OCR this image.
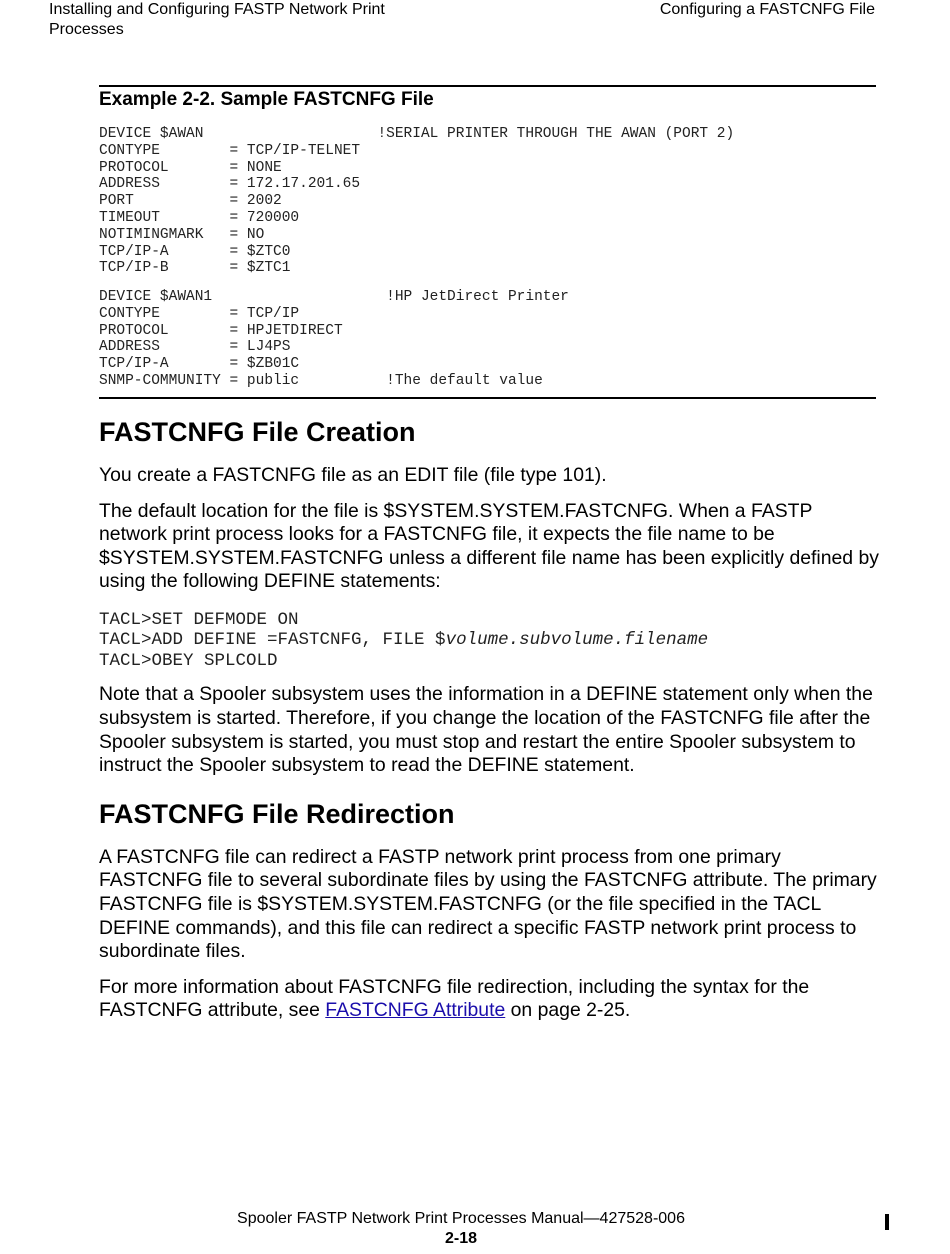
Installing and Configuring FASTP Network Print Processes
Configuring a FASTCNFG File
Example 2-2. Sample FASTCNFG File
DEVICE $AWAN                    !SERIAL PRINTER THROUGH THE AWAN (PORT 2)
CONTYPE        = TCP/IP-TELNET
PROTOCOL       = NONE
ADDRESS        = 172.17.201.65
PORT           = 2002
TIMEOUT        = 720000
NOTIMINGMARK   = NO
TCP/IP-A       = $ZTC0
TCP/IP-B       = $ZTC1
DEVICE $AWAN1                    !HP JetDirect Printer
CONTYPE        = TCP/IP
PROTOCOL       = HPJETDIRECT
ADDRESS        = LJ4PS
TCP/IP-A       = $ZB01C
SNMP-COMMUNITY = public          !The default value
FASTCNFG File Creation

You create a FASTCNFG file as an EDIT file (file type 101).

The default location for the file is $SYSTEM.SYSTEM.FASTCNFG. When a FASTP network print process looks for a FASTCNFG file, it expects the file name to be $SYSTEM.SYSTEM.FASTCNFG unless a different file name has been explicitly defined by using the following DEFINE statements:

TACL>SET DEFMODE ON
TACL>ADD DEFINE =FASTCNFG, FILE $volume.subvolume.filename
TACL>OBEY SPLCOLD

Note that a Spooler subsystem uses the information in a DEFINE statement only when the subsystem is started. Therefore, if you change the location of the FASTCNFG file after the Spooler subsystem is started, you must stop and restart the entire Spooler subsystem to instruct the Spooler subsystem to read the DEFINE statement.

FASTCNFG File Redirection

A FASTCNFG file can redirect a FASTP network print process from one primary FASTCNFG file to several subordinate files by using the FASTCNFG attribute. The primary FASTCNFG file is $SYSTEM.SYSTEM.FASTCNFG (or the file specified in the TACL DEFINE commands), and this file can redirect a specific FASTP network print process to subordinate files.

For more information about FASTCNFG file redirection, including the syntax for the FASTCNFG attribute, see FASTCNFG Attribute on page 2-25.

Spooler FASTP Network Print Processes Manual—427528-006
2-18
